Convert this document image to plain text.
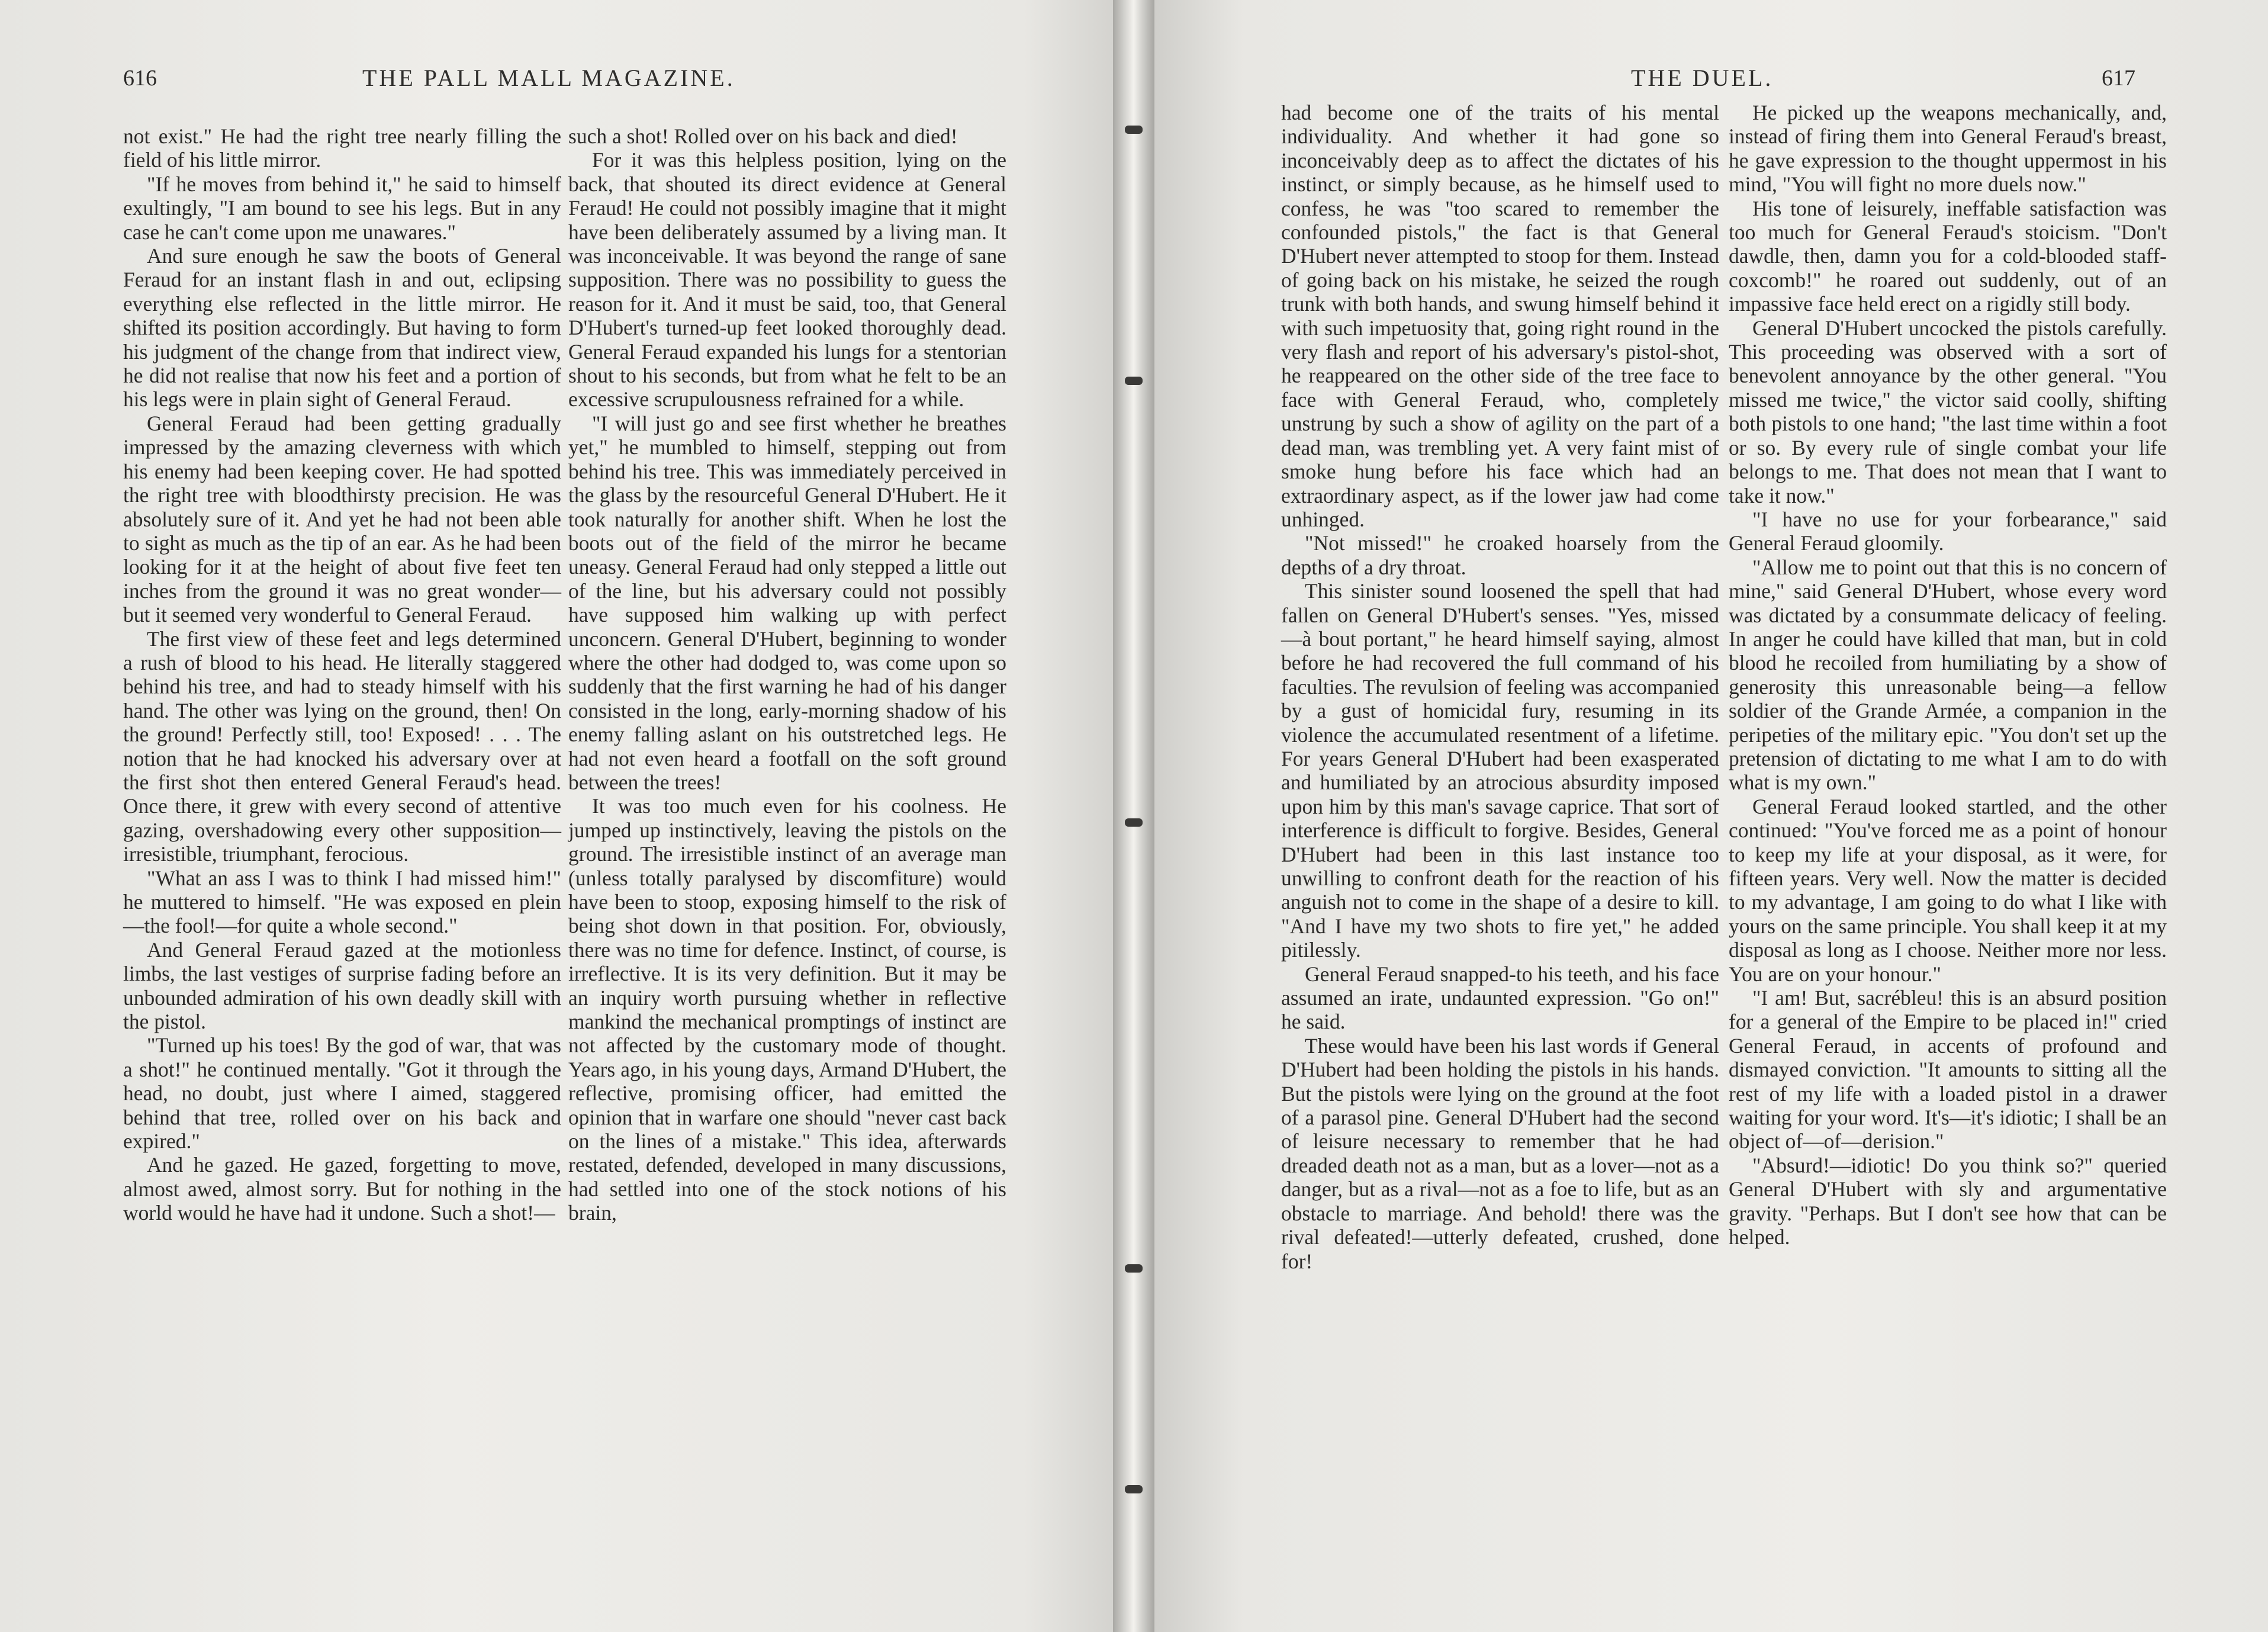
616	THE PALL MALL MAGAZINE.

not exist." He had the right tree nearly filling the field of his little mirror.

"If he moves from behind it," he said to himself exultingly, "I am bound to see his legs. But in any case he can't come upon me unawares."

And sure enough he saw the boots of General Feraud for an instant flash in and out, eclipsing everything else reflected in the little mirror. He shifted its position accordingly. But having to form his judgment of the change from that indirect view, he did not realise that now his feet and a portion of his legs were in plain sight of General Feraud.

General Feraud had been getting gradually impressed by the amazing cleverness with which his enemy had been keeping cover. He had spotted the right tree with bloodthirsty precision. He was absolutely sure of it. And yet he had not been able to sight as much as the tip of an ear. As he had been looking for it at the height of about five feet ten inches from the ground it was no great wonder—but it seemed very wonderful to General Feraud.

The first view of these feet and legs determined a rush of blood to his head. He literally staggered behind his tree, and had to steady himself with his hand. The other was lying on the ground, then! On the ground! Perfectly still, too! Exposed! . . . The notion that he had knocked his adversary over at the first shot then entered General Feraud's head. Once there, it grew with every second of attentive gazing, overshadowing every other supposition—irresistible, triumphant, ferocious.

"What an ass I was to think I had missed him!" he muttered to himself. "He was exposed en plein—the fool!—for quite a whole second."

And General Feraud gazed at the motionless limbs, the last vestiges of surprise fading before an unbounded admiration of his own deadly skill with the pistol.

"Turned up his toes! By the god of war, that was a shot!" he continued mentally. "Got it through the head, no doubt, just where I aimed, staggered behind that tree, rolled over on his back and expired."

And he gazed. He gazed, forgetting to move, almost awed, almost sorry. But for nothing in the world would he have had it undone. Such a shot!—

such a shot! Rolled over on his back and died!

For it was this helpless position, lying on the back, that shouted its direct evidence at General Feraud! He could not possibly imagine that it might have been deliberately assumed by a living man. It was inconceivable. It was beyond the range of sane supposition. There was no possibility to guess the reason for it. And it must be said, too, that General D'Hubert's turned-up feet looked thoroughly dead. General Feraud expanded his lungs for a stentorian shout to his seconds, but from what he felt to be an excessive scrupulousness refrained for a while.

"I will just go and see first whether he breathes yet," he mumbled to himself, stepping out from behind his tree. This was immediately perceived in the glass by the resourceful General D'Hubert. He it took naturally for another shift. When he lost the boots out of the field of the mirror he became uneasy. General Feraud had only stepped a little out of the line, but his adversary could not possibly have supposed him walking up with perfect unconcern. General D'Hubert, beginning to wonder where the other had dodged to, was come upon so suddenly that the first warning he had of his danger consisted in the long, early-morning shadow of his enemy falling aslant on his outstretched legs. He had not even heard a footfall on the soft ground between the trees!

It was too much even for his coolness. He jumped up instinctively, leaving the pistols on the ground. The irresistible instinct of an average man (unless totally paralysed by discomfiture) would have been to stoop, exposing himself to the risk of being shot down in that position. For, obviously, there was no time for defence. Instinct, of course, is irreflective. It is its very definition. But it may be an inquiry worth pursuing whether in reflective mankind the mechanical promptings of instinct are not affected by the customary mode of thought. Years ago, in his young days, Armand D'Hubert, the reflective, promising officer, had emitted the opinion that in warfare one should "never cast back on the lines of a mistake." This idea, afterwards restated, defended, developed in many discussions, had settled into one of the stock notions of his brain,

THE DUEL.	617

had become one of the traits of his mental individuality. And whether it had gone so inconceivably deep as to affect the dictates of his instinct, or simply because, as he himself used to confess, he was "too scared to remember the confounded pistols," the fact is that General D'Hubert never attempted to stoop for them. Instead of going back on his mistake, he seized the rough trunk with both hands, and swung himself behind it with such impetuosity that, going right round in the very flash and report of his adversary's pistol-shot, he reappeared on the other side of the tree face to face with General Feraud, who, completely unstrung by such a show of agility on the part of a dead man, was trembling yet. A very faint mist of smoke hung before his face which had an extraordinary aspect, as if the lower jaw had come unhinged.

"Not missed!" he croaked hoarsely from the depths of a dry throat.

This sinister sound loosened the spell that had fallen on General D'Hubert's senses. "Yes, missed—à bout portant," he heard himself saying, almost before he had recovered the full command of his faculties. The revulsion of feeling was accompanied by a gust of homicidal fury, resuming in its violence the accumulated resentment of a lifetime. For years General D'Hubert had been exasperated and humiliated by an atrocious absurdity imposed upon him by this man's savage caprice. That sort of interference is difficult to forgive. Besides, General D'Hubert had been in this last instance too unwilling to confront death for the reaction of his anguish not to come in the shape of a desire to kill. "And I have my two shots to fire yet," he added pitilessly.

General Feraud snapped-to his teeth, and his face assumed an irate, undaunted expression. "Go on!" he said.

These would have been his last words if General D'Hubert had been holding the pistols in his hands. But the pistols were lying on the ground at the foot of a parasol pine. General D'Hubert had the second of leisure necessary to remember that he had dreaded death not as a man, but as a lover—not as a danger, but as a rival—not as a foe to life, but as an obstacle to marriage. And behold! there was the rival defeated!—utterly defeated, crushed, done for!

He picked up the weapons mechanically, and, instead of firing them into General Feraud's breast, he gave expression to the thought uppermost in his mind, "You will fight no more duels now."

His tone of leisurely, ineffable satisfaction was too much for General Feraud's stoicism. "Don't dawdle, then, damn you for a cold-blooded staff-coxcomb!" he roared out suddenly, out of an impassive face held erect on a rigidly still body.

General D'Hubert uncocked the pistols carefully. This proceeding was observed with a sort of benevolent annoyance by the other general. "You missed me twice," the victor said coolly, shifting both pistols to one hand; "the last time within a foot or so. By every rule of single combat your life belongs to me. That does not mean that I want to take it now."

"I have no use for your forbearance," said General Feraud gloomily.

"Allow me to point out that this is no concern of mine," said General D'Hubert, whose every word was dictated by a consummate delicacy of feeling. In anger he could have killed that man, but in cold blood he recoiled from humiliating by a show of generosity this unreasonable being—a fellow soldier of the Grande Armée, a companion in the peripeties of the military epic. "You don't set up the pretension of dictating to me what I am to do with what is my own."

General Feraud looked startled, and the other continued: "You've forced me as a point of honour to keep my life at your disposal, as it were, for fifteen years. Very well. Now the matter is decided to my advantage, I am going to do what I like with yours on the same principle. You shall keep it at my disposal as long as I choose. Neither more nor less. You are on your honour."

"I am! But, sacrébleu! this is an absurd position for a general of the Empire to be placed in!" cried General Feraud, in accents of profound and dismayed conviction. "It amounts to sitting all the rest of my life with a loaded pistol in a drawer waiting for your word. It's—it's idiotic; I shall be an object of—of—derision."

"Absurd!—idiotic! Do you think so?" queried General D'Hubert with sly and argumentative gravity. "Perhaps. But I don't see how that can be helped.
